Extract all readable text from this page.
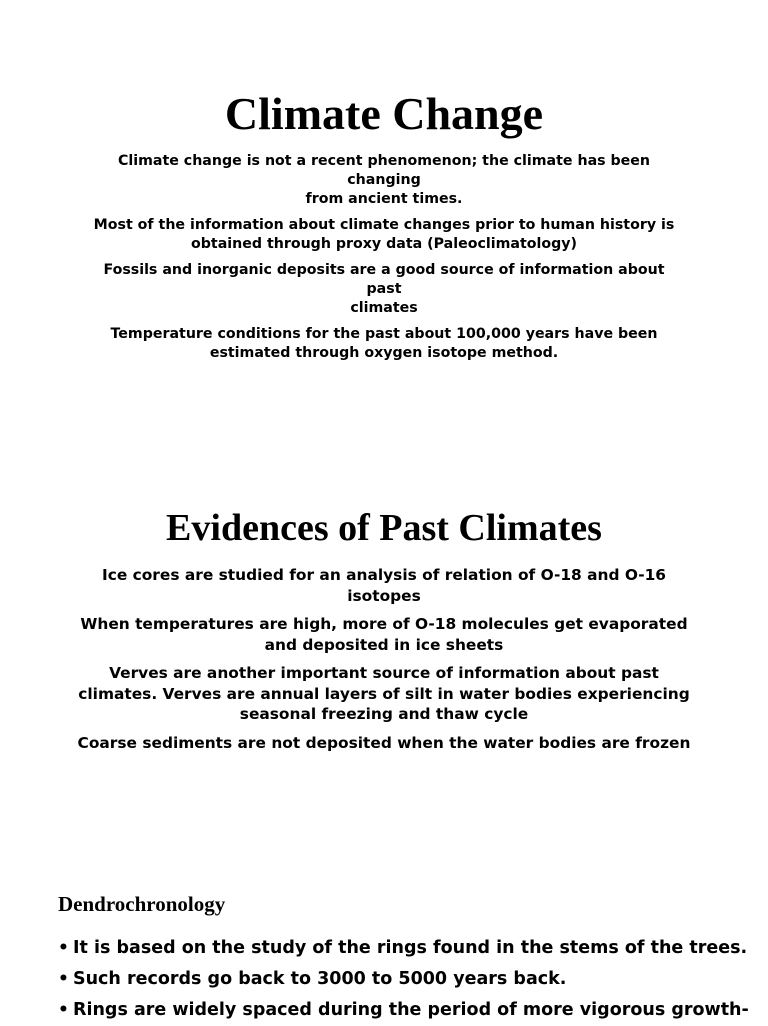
Climate Change

Climate change is not a recent phenomenon; the climate has been changing
from ancient times.

Most of the information about climate changes prior to human history is
obtained through proxy data (Paleoclimatology)

Fossils and inorganic deposits are a good source of information about past
climates

Temperature conditions for the past about 100,000 years have been
estimated through oxygen isotope method.

Evidences of Past Climates

Ice cores are studied for an analysis of relation of O-18 and O-16
isotopes

When temperatures are high, more of O-18 molecules get evaporated
and deposited in ice sheets

Verves are another important source of information about past
climates. Verves are annual layers of silt in water bodies experiencing
seasonal freezing and thaw cycle

Coarse sediments are not deposited when the water bodies are frozen

Dendrochronology
• It is based on the study of the rings found in the stems of the trees.
• Such records go back to 3000 to 5000 years back.
• Rings are widely spaced during the period of more vigorous growth-
